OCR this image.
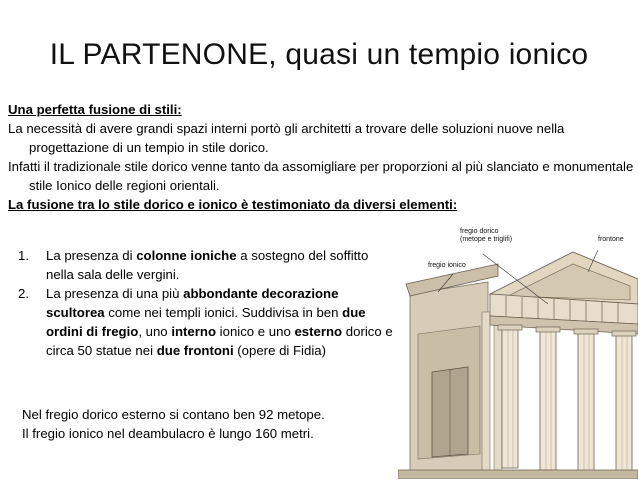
IL PARTENONE, quasi un tempio ionico

Una perfetta fusione di stili:

La necessità di avere grandi spazi interni portò gli architetti a trovare delle soluzioni nuove nella progettazione di un tempio in stile dorico.

Infatti il tradizionale stile dorico venne tanto da assomigliare per proporzioni al più slanciato e monumentale stile Ionico delle regioni orientali.

La fusione tra lo stile dorico e ionico è testimoniato da diversi elementi:

1. La presenza di colonne ioniche a sostegno del soffitto nella sala delle vergini.
2. La presenza di una più abbondante decorazione scultorea come nei templi ionici. Suddivisa in ben due ordini di fregio, uno interno ionico e uno esterno dorico e circa 50 statue nei due frontoni (opere di Fidia)

Nel fregio dorico esterno si contano ben 92 metope.

Il fregio ionico nel deambulacro è lungo 160 metri.

fregio dorico
(metope e triglifi)
fregio ionico
frontone
